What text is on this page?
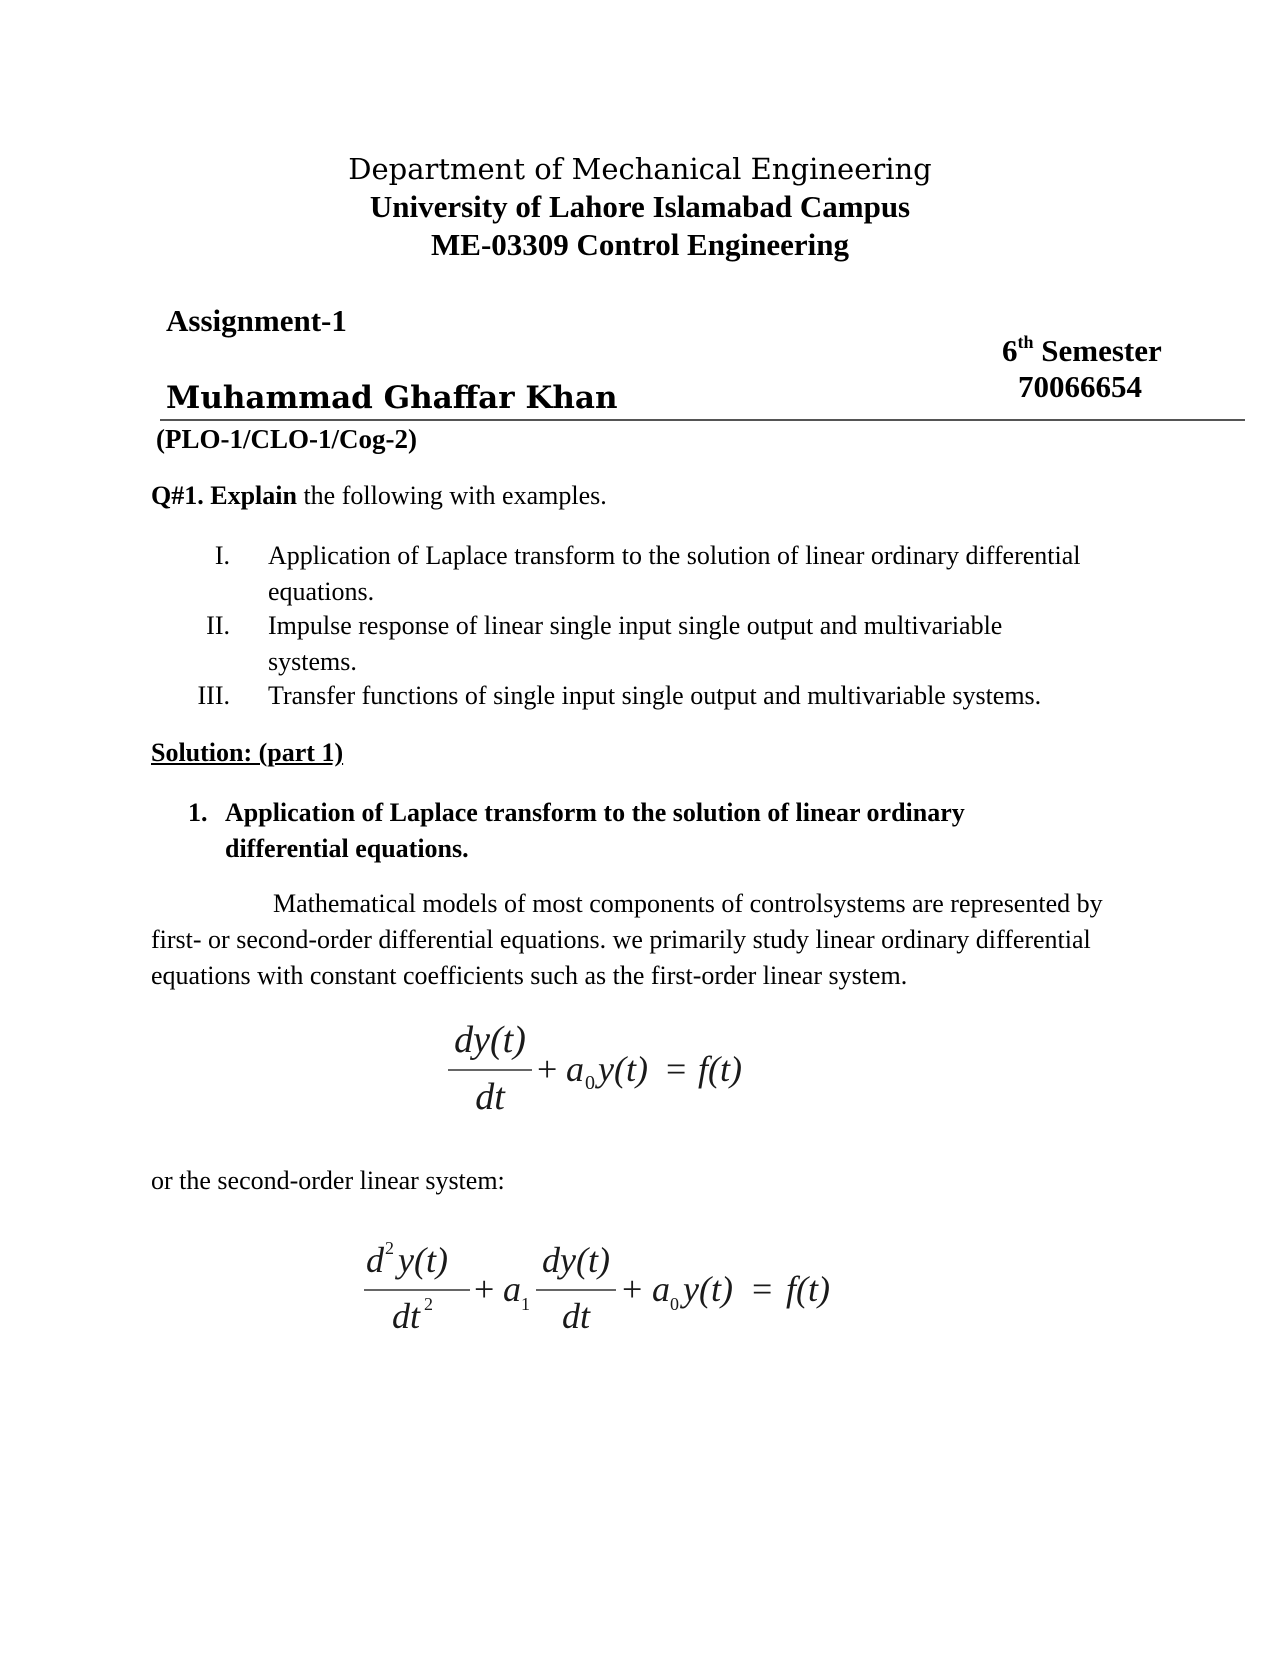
Department of Mechanical Engineering
University of Lahore Islamabad Campus
ME-03309 Control Engineering
Assignment-1
6th Semester
70066654
Muhammad Ghaffar Khan
(PLO-1/CLO-1/Cog-2)
Q#1. Explain the following with examples.
I. Application of Laplace transform to the solution of linear ordinary differential
equations.
II. Impulse response of linear single input single output and multivariable
systems.
III. Transfer functions of single input single output and multivariable systems.
Solution: (part 1)
1. Application of Laplace transform to the solution of linear ordinary differential equations.
Mathematical models of most components of controlsystems are represented by first- or second-order differential equations. we primarily study linear ordinary differential equations with constant coefficients such as the first-order linear system.
dy(t)
dt
+ a 0 y(t) = f(t)
or the second-order linear system:
d 2 y(t)
dt 2 + a 1
dy(t)
dt
+ a 0 y(t) = f(t)
